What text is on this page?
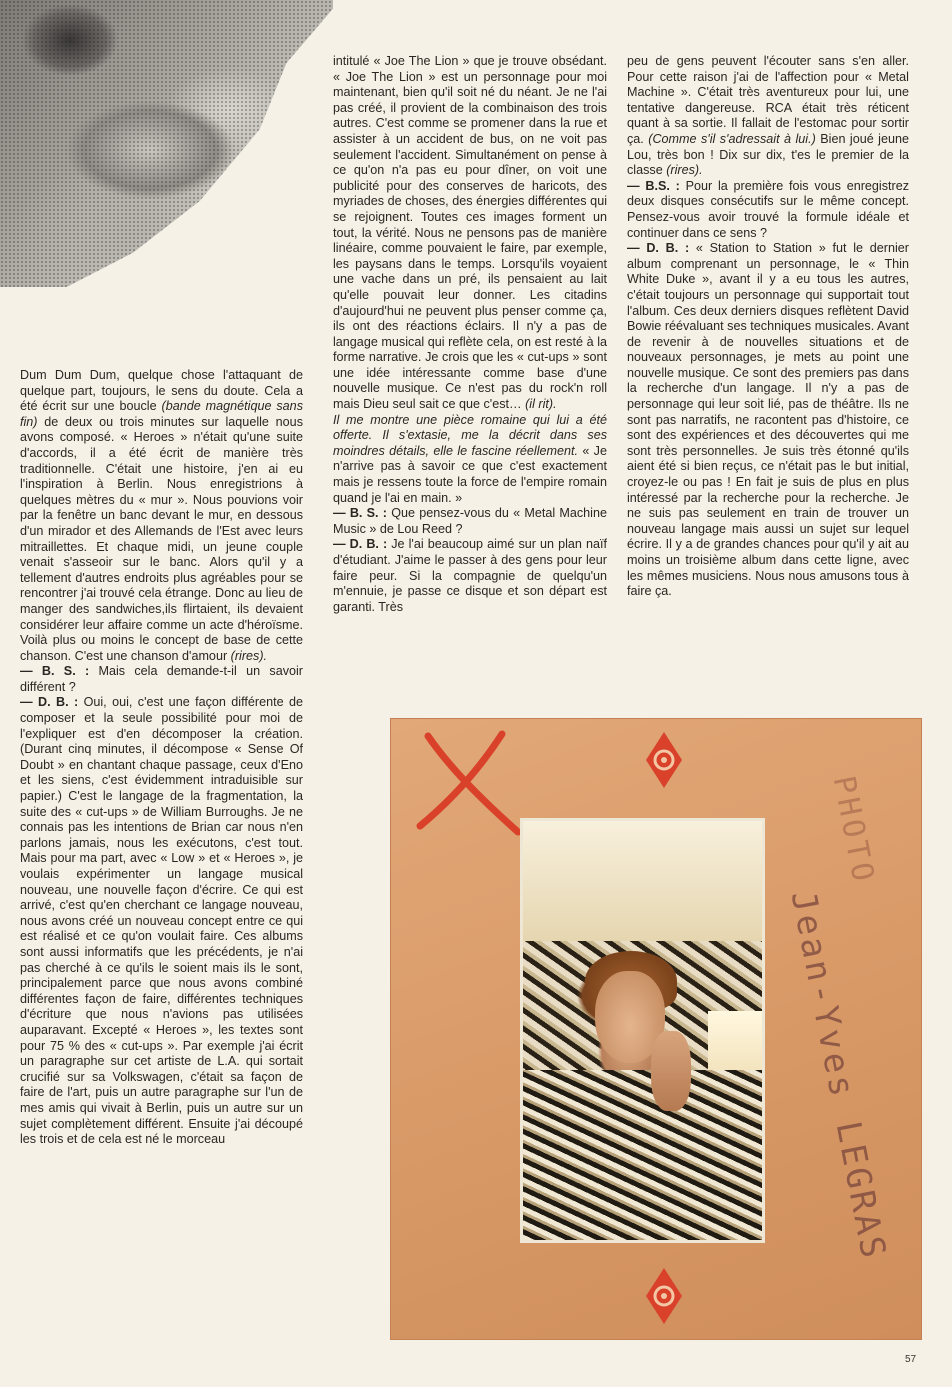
Dum Dum Dum, quelque chose l'attaquant de quelque part, toujours, le sens du doute. Cela a été écrit sur une boucle (bande magnétique sans fin) de deux ou trois minutes sur laquelle nous avons composé. « Heroes » n'était qu'une suite d'accords, il a été écrit de manière très traditionnelle. C'était une histoire, j'en ai eu l'inspiration à Berlin. Nous enregistrions à quelques mètres du « mur ». Nous pouvions voir par la fenêtre un banc devant le mur, en dessous d'un mirador et des Allemands de l'Est avec leurs mitraillettes. Et chaque midi, un jeune couple venait s'asseoir sur le banc. Alors qu'il y a tellement d'autres endroits plus agréables pour se rencontrer j'ai trouvé cela étrange. Donc au lieu de manger des sandwiches,ils flirtaient, ils devaient considérer leur affaire comme un acte d'héroïsme. Voilà plus ou moins le concept de base de cette chanson. C'est une chanson d'amour (rires).

— B. S. : Mais cela demande-t-il un savoir différent ?

— D. B. : Oui, oui, c'est une façon différente de composer et la seule possibilité pour moi de l'expliquer est d'en décomposer la création. (Durant cinq minutes, il décompose « Sense Of Doubt » en chantant chaque passage, ceux d'Eno et les siens, c'est évidemment intraduisible sur papier.) C'est le langage de la fragmentation, la suite des « cut-ups » de William Burroughs. Je ne connais pas les intentions de Brian car nous n'en parlons jamais, nous les exécutons, c'est tout. Mais pour ma part, avec « Low » et « Heroes », je voulais expérimenter un langage musical nouveau, une nouvelle façon d'écrire. Ce qui est arrivé, c'est qu'en cherchant ce langage nouveau, nous avons créé un nouveau concept entre ce qui est réalisé et ce qu'on voulait faire. Ces albums sont aussi informatifs que les précédents, je n'ai pas cherché à ce qu'ils le soient mais ils le sont, principalement parce que nous avons combiné différentes façon de faire, différentes techniques d'écriture que nous n'avions pas utilisées auparavant. Excepté « Heroes », les textes sont pour 75 % des « cut-ups ». Par exemple j'ai écrit un paragraphe sur cet artiste de L.A. qui sortait crucifié sur sa Volkswagen, c'était sa façon de faire de l'art, puis un autre paragraphe sur l'un de mes amis qui vivait à Berlin, puis un autre sur un sujet complètement différent. Ensuite j'ai découpé les trois et de cela est né le morceau

intitulé « Joe The Lion » que je trouve obsédant. « Joe The Lion » est un personnage pour moi maintenant, bien qu'il soit né du néant. Je ne l'ai pas créé, il provient de la combinaison des trois autres. C'est comme se promener dans la rue et assister à un accident de bus, on ne voit pas seulement l'accident. Simultanément on pense à ce qu'on n'a pas eu pour dîner, on voit une publicité pour des conserves de haricots, des myriades de choses, des énergies différentes qui se rejoignent. Toutes ces images forment un tout, la vérité. Nous ne pensons pas de manière linéaire, comme pouvaient le faire, par exemple, les paysans dans le temps. Lorsqu'ils voyaient une vache dans un pré, ils pensaient au lait qu'elle pouvait leur donner. Les citadins d'aujourd'hui ne peuvent plus penser comme ça, ils ont des réactions éclairs. Il n'y a pas de langage musical qui reflète cela, on est resté à la forme narrative. Je crois que les « cut-ups » sont une idée intéressante comme base d'une nouvelle musique. Ce n'est pas du rock'n roll mais Dieu seul sait ce que c'est… (il rit).

Il me montre une pièce romaine qui lui a été offerte. Il s'extasie, me la décrit dans ses moindres détails, elle le fascine réellement. « Je n'arrive pas à savoir ce que c'est exactement mais je ressens toute la force de l'empire romain quand je l'ai en main. »

— B. S. : Que pensez-vous du « Metal Machine Music » de Lou Reed ?

— D. B. : Je l'ai beaucoup aimé sur un plan naïf d'étudiant. J'aime le passer à des gens pour leur faire peur. Si la compagnie de quelqu'un m'ennuie, je passe ce disque et son départ est garanti. Très

peu de gens peuvent l'écouter sans s'en aller. Pour cette raison j'ai de l'affection pour « Metal Machine ». C'était très aventureux pour lui, une tentative dangereuse. RCA était très réticent quant à sa sortie. Il fallait de l'estomac pour sortir ça. (Comme s'il s'adressait à lui.) Bien joué jeune Lou, très bon ! Dix sur dix, t'es le premier de la classe (rires).

— B.S. : Pour la première fois vous enregistrez deux disques consécutifs sur le même concept. Pensez-vous avoir trouvé la formule idéale et continuer dans ce sens ?

— D. B. : « Station to Station » fut le dernier album comprenant un personnage, le « Thin White Duke », avant il y a eu tous les autres, c'était toujours un personnage qui supportait tout l'album. Ces deux derniers disques reflètent David Bowie réévaluant ses techniques musicales. Avant de revenir à de nouvelles situations et de nouveaux personnages, je mets au point une nouvelle musique. Ce sont des premiers pas dans la recherche d'un langage. Il n'y a pas de personnage qui leur soit lié, pas de théâtre. Ils ne sont pas narratifs, ne racontent pas d'histoire, ce sont des expériences et des découvertes qui me sont très personnelles. Je suis très étonné qu'ils aient été si bien reçus, ce n'était pas le but initial, croyez-le ou pas ! En fait je suis de plus en plus intéressé par la recherche pour la recherche. Je ne suis pas seulement en train de trouver un nouveau langage mais aussi un sujet sur lequel écrire. Il y a de grandes chances pour qu'il y ait au moins un troisième album dans cette ligne, avec les mêmes musiciens. Nous nous amusons tous à faire ça.

PHOTO
Jean-Yves LEGRAS
57
